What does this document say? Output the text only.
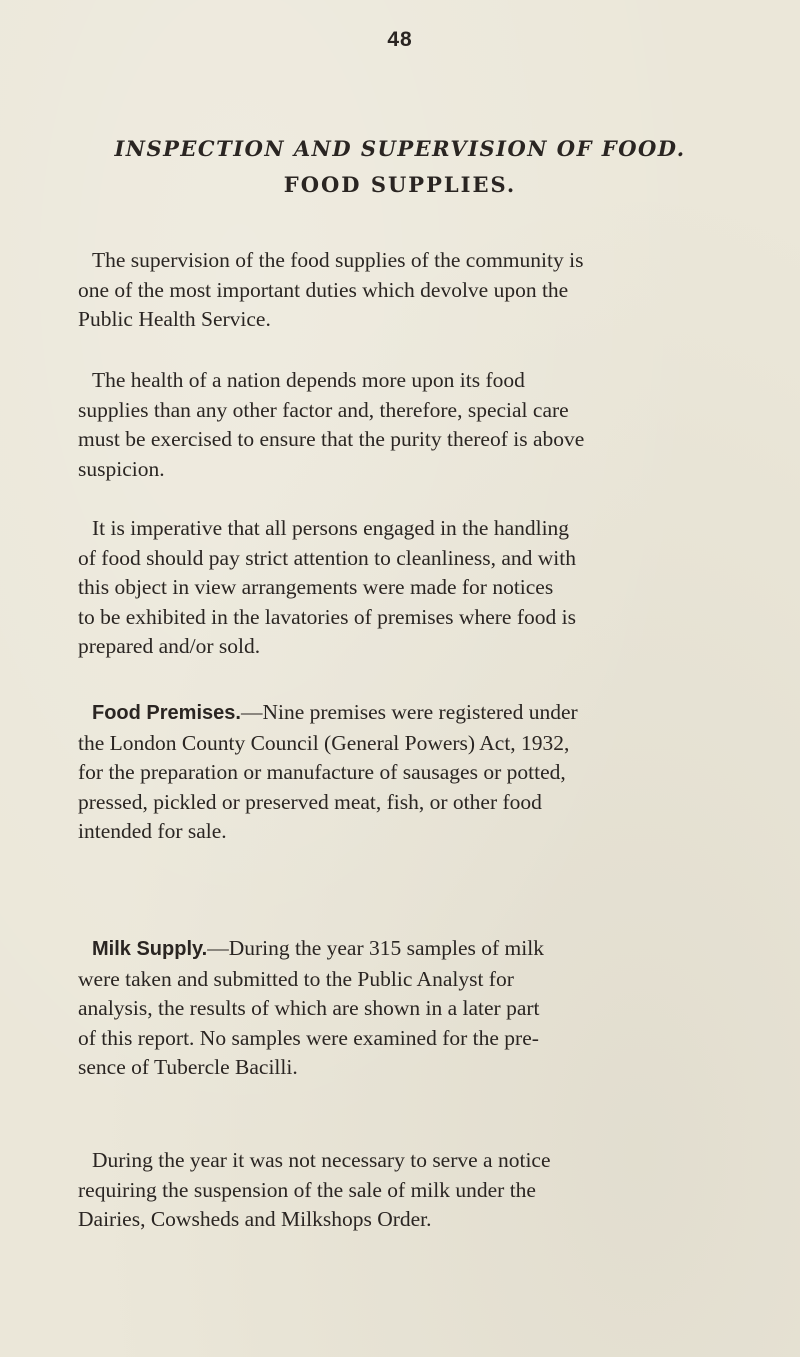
48
INSPECTION AND SUPERVISION OF FOOD.
FOOD SUPPLIES.
The supervision of the food supplies of the community is
one of the most important duties which devolve upon the
Public Health Service.
The health of a nation depends more upon its food
supplies than any other factor and, therefore, special care
must be exercised to ensure that the purity thereof is above
suspicion.
It is imperative that all persons engaged in the handling
of food should pay strict attention to cleanliness, and with
this object in view arrangements were made for notices
to be exhibited in the lavatories of premises where food is
prepared and/or sold.
Food Premises.—Nine premises were registered under
the London County Council (General Powers) Act, 1932,
for the preparation or manufacture of sausages or potted,
pressed, pickled or preserved meat, fish, or other food
intended for sale.
Milk Supply.—During the year 315 samples of milk
were taken and submitted to the Public Analyst for
analysis, the results of which are shown in a later part
of this report. No samples were examined for the pre-
sence of Tubercle Bacilli.
During the year it was not necessary to serve a notice
requiring the suspension of the sale of milk under the
Dairies, Cowsheds and Milkshops Order.
